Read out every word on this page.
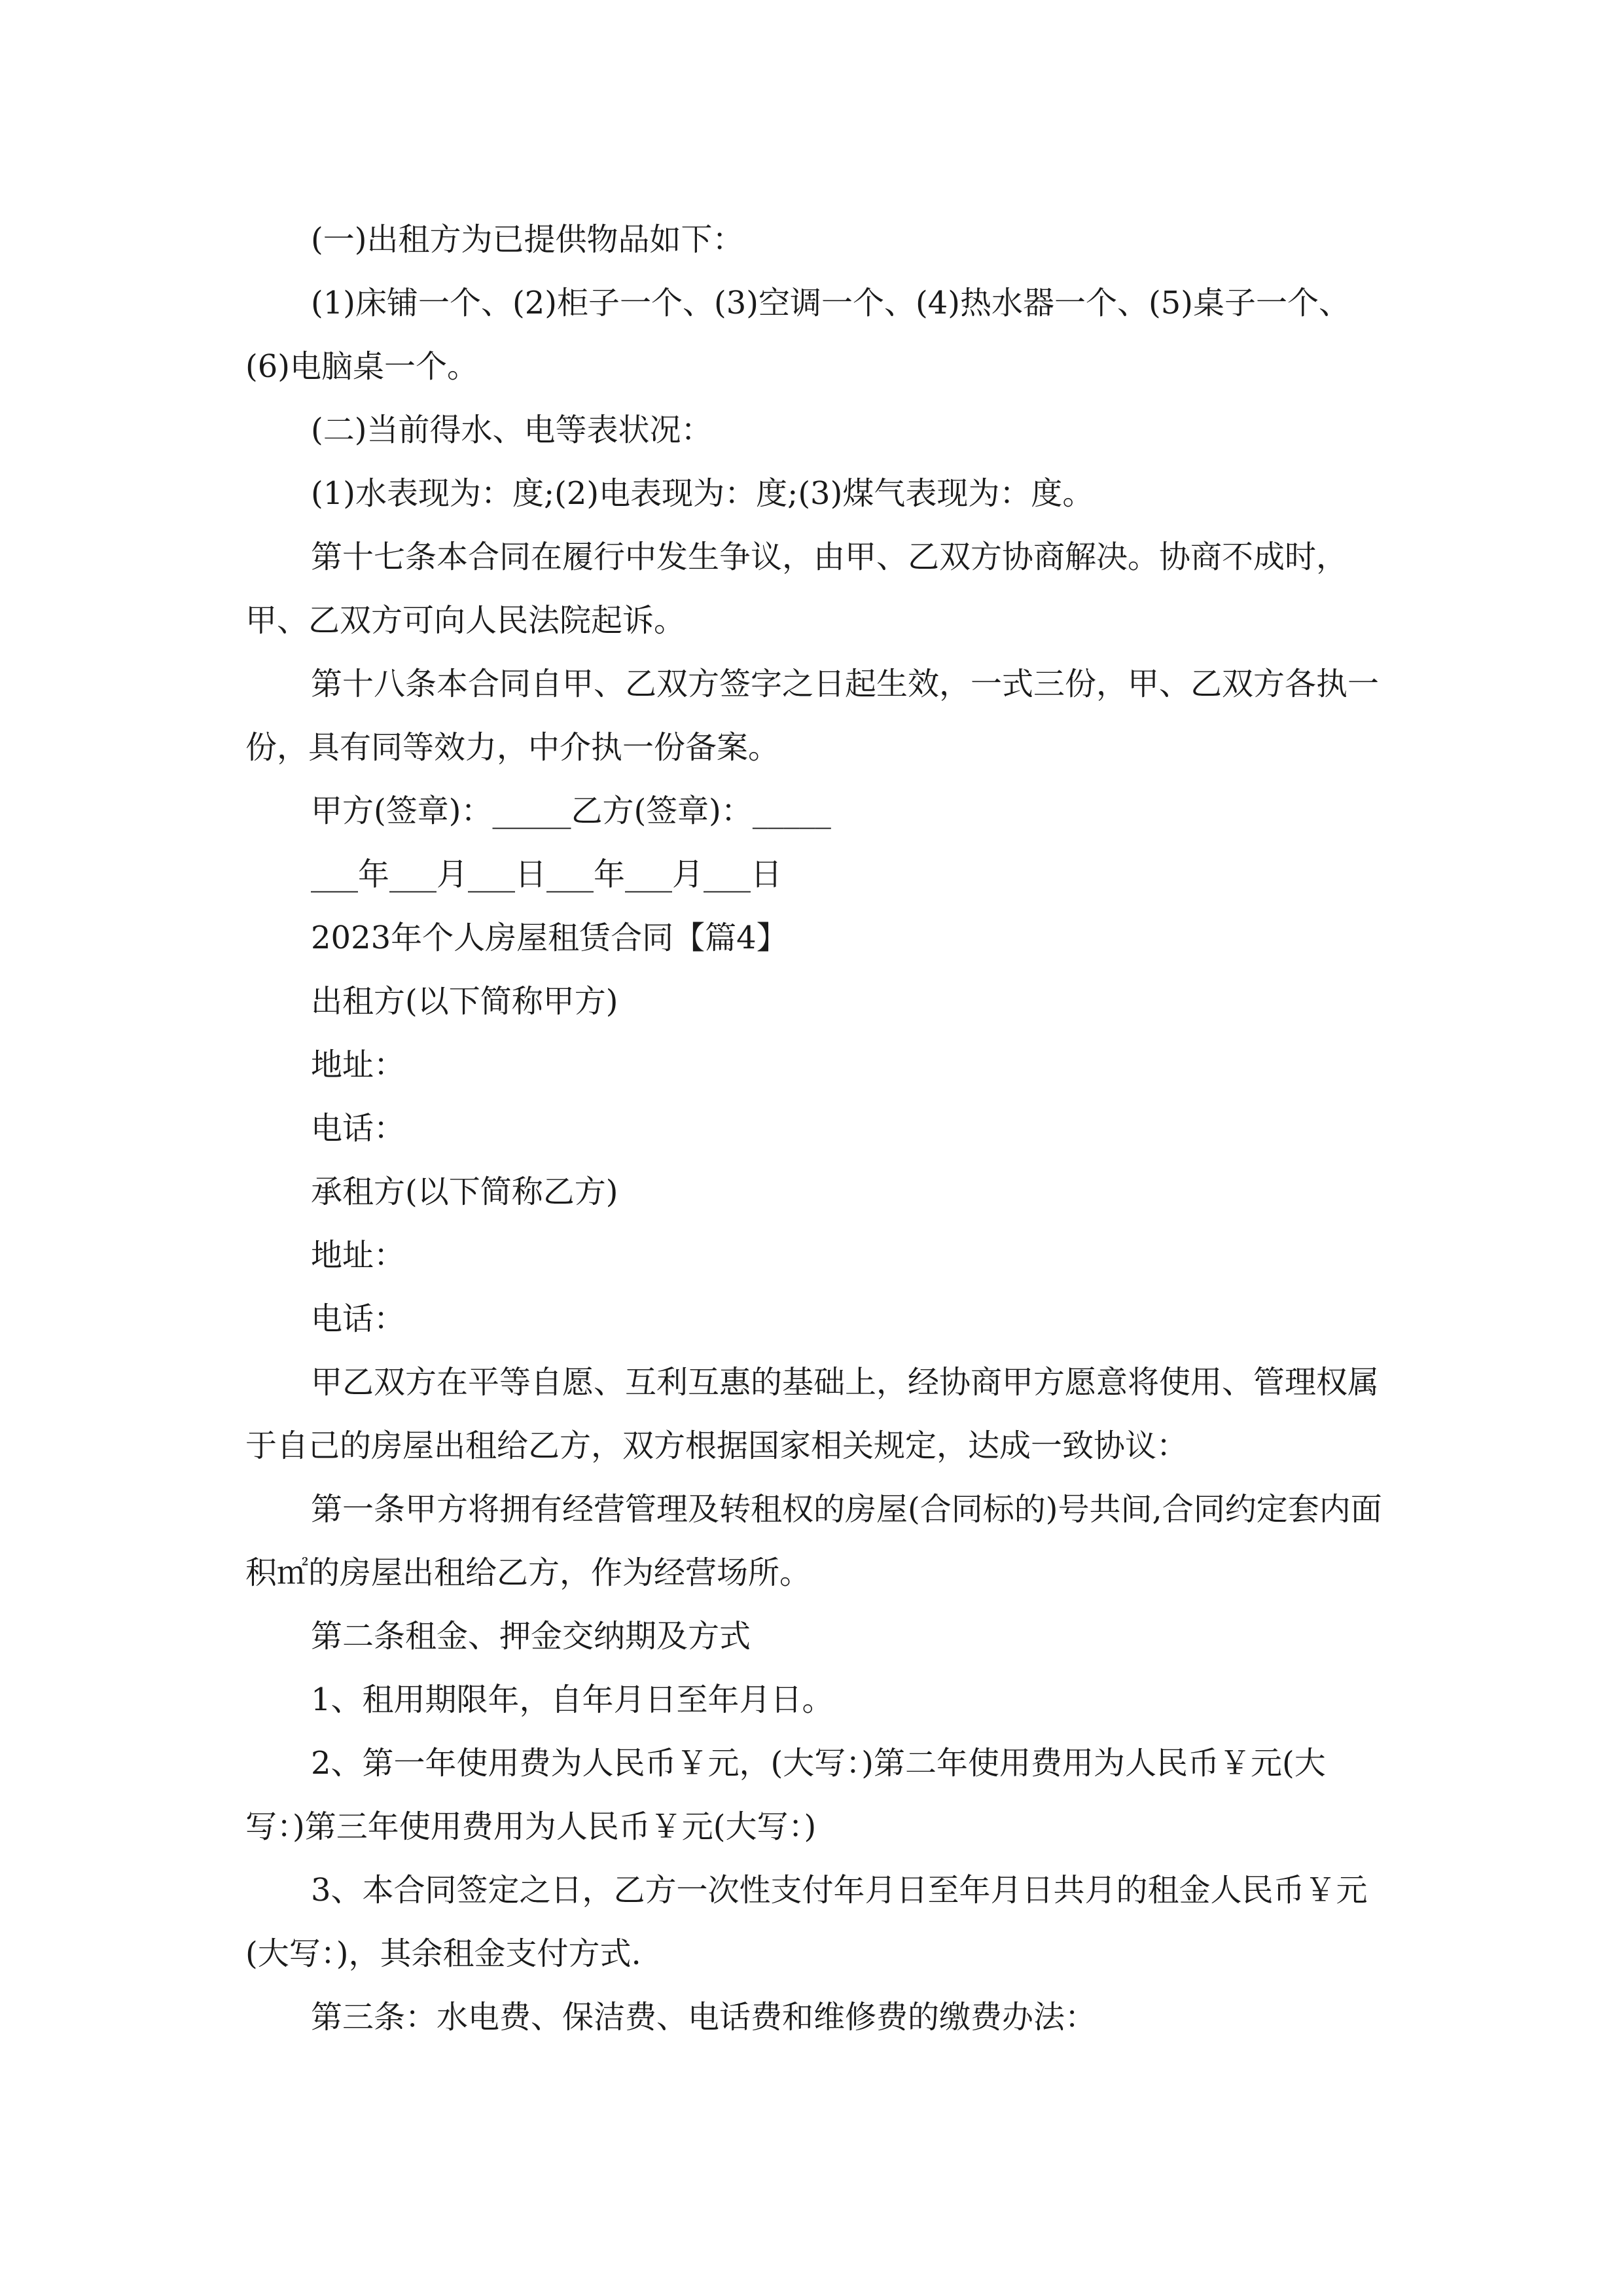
(一)出租方为已提供物品如下：

(1)床铺一个、(2)柜子一个、(3)空调一个、(4)热水器一个、(5)桌子一个、(6)电脑桌一个。

(二)当前得水、电等表状况：

(1)水表现为：度;(2)电表现为：度;(3)煤气表现为：度。

第十七条本合同在履行中发生争议，由甲、乙双方协商解决。协商不成时，甲、乙双方可向人民法院起诉。

第十八条本合同自甲、乙双方签字之日起生效，一式三份，甲、乙双方各执一份，具有同等效力，中介执一份备案。

甲方(签章)：_____乙方(签章)：_____

___年___月___日___年___月___日

2023年个人房屋租赁合同【篇4】

出租方(以下简称甲方)

地址：

电话：

承租方(以下简称乙方)

地址：

电话：

甲乙双方在平等自愿、互利互惠的基础上，经协商甲方愿意将使用、管理权属于自己的房屋出租给乙方，双方根据国家相关规定，达成一致协议：

第一条甲方将拥有经营管理及转租权的房屋(合同标的)号共间,合同约定套内面积㎡的房屋出租给乙方，作为经营场所。

第二条租金、押金交纳期及方式

1、租用期限年，自年月日至年月日。

2、第一年使用费为人民币￥元，(大写：)第二年使用费用为人民币￥元(大写：)第三年使用费用为人民币￥元(大写：)

3、本合同签定之日，乙方一次性支付年月日至年月日共月的租金人民币￥元(大写：)，其余租金支付方式.

第三条：水电费、保洁费、电话费和维修费的缴费办法：
